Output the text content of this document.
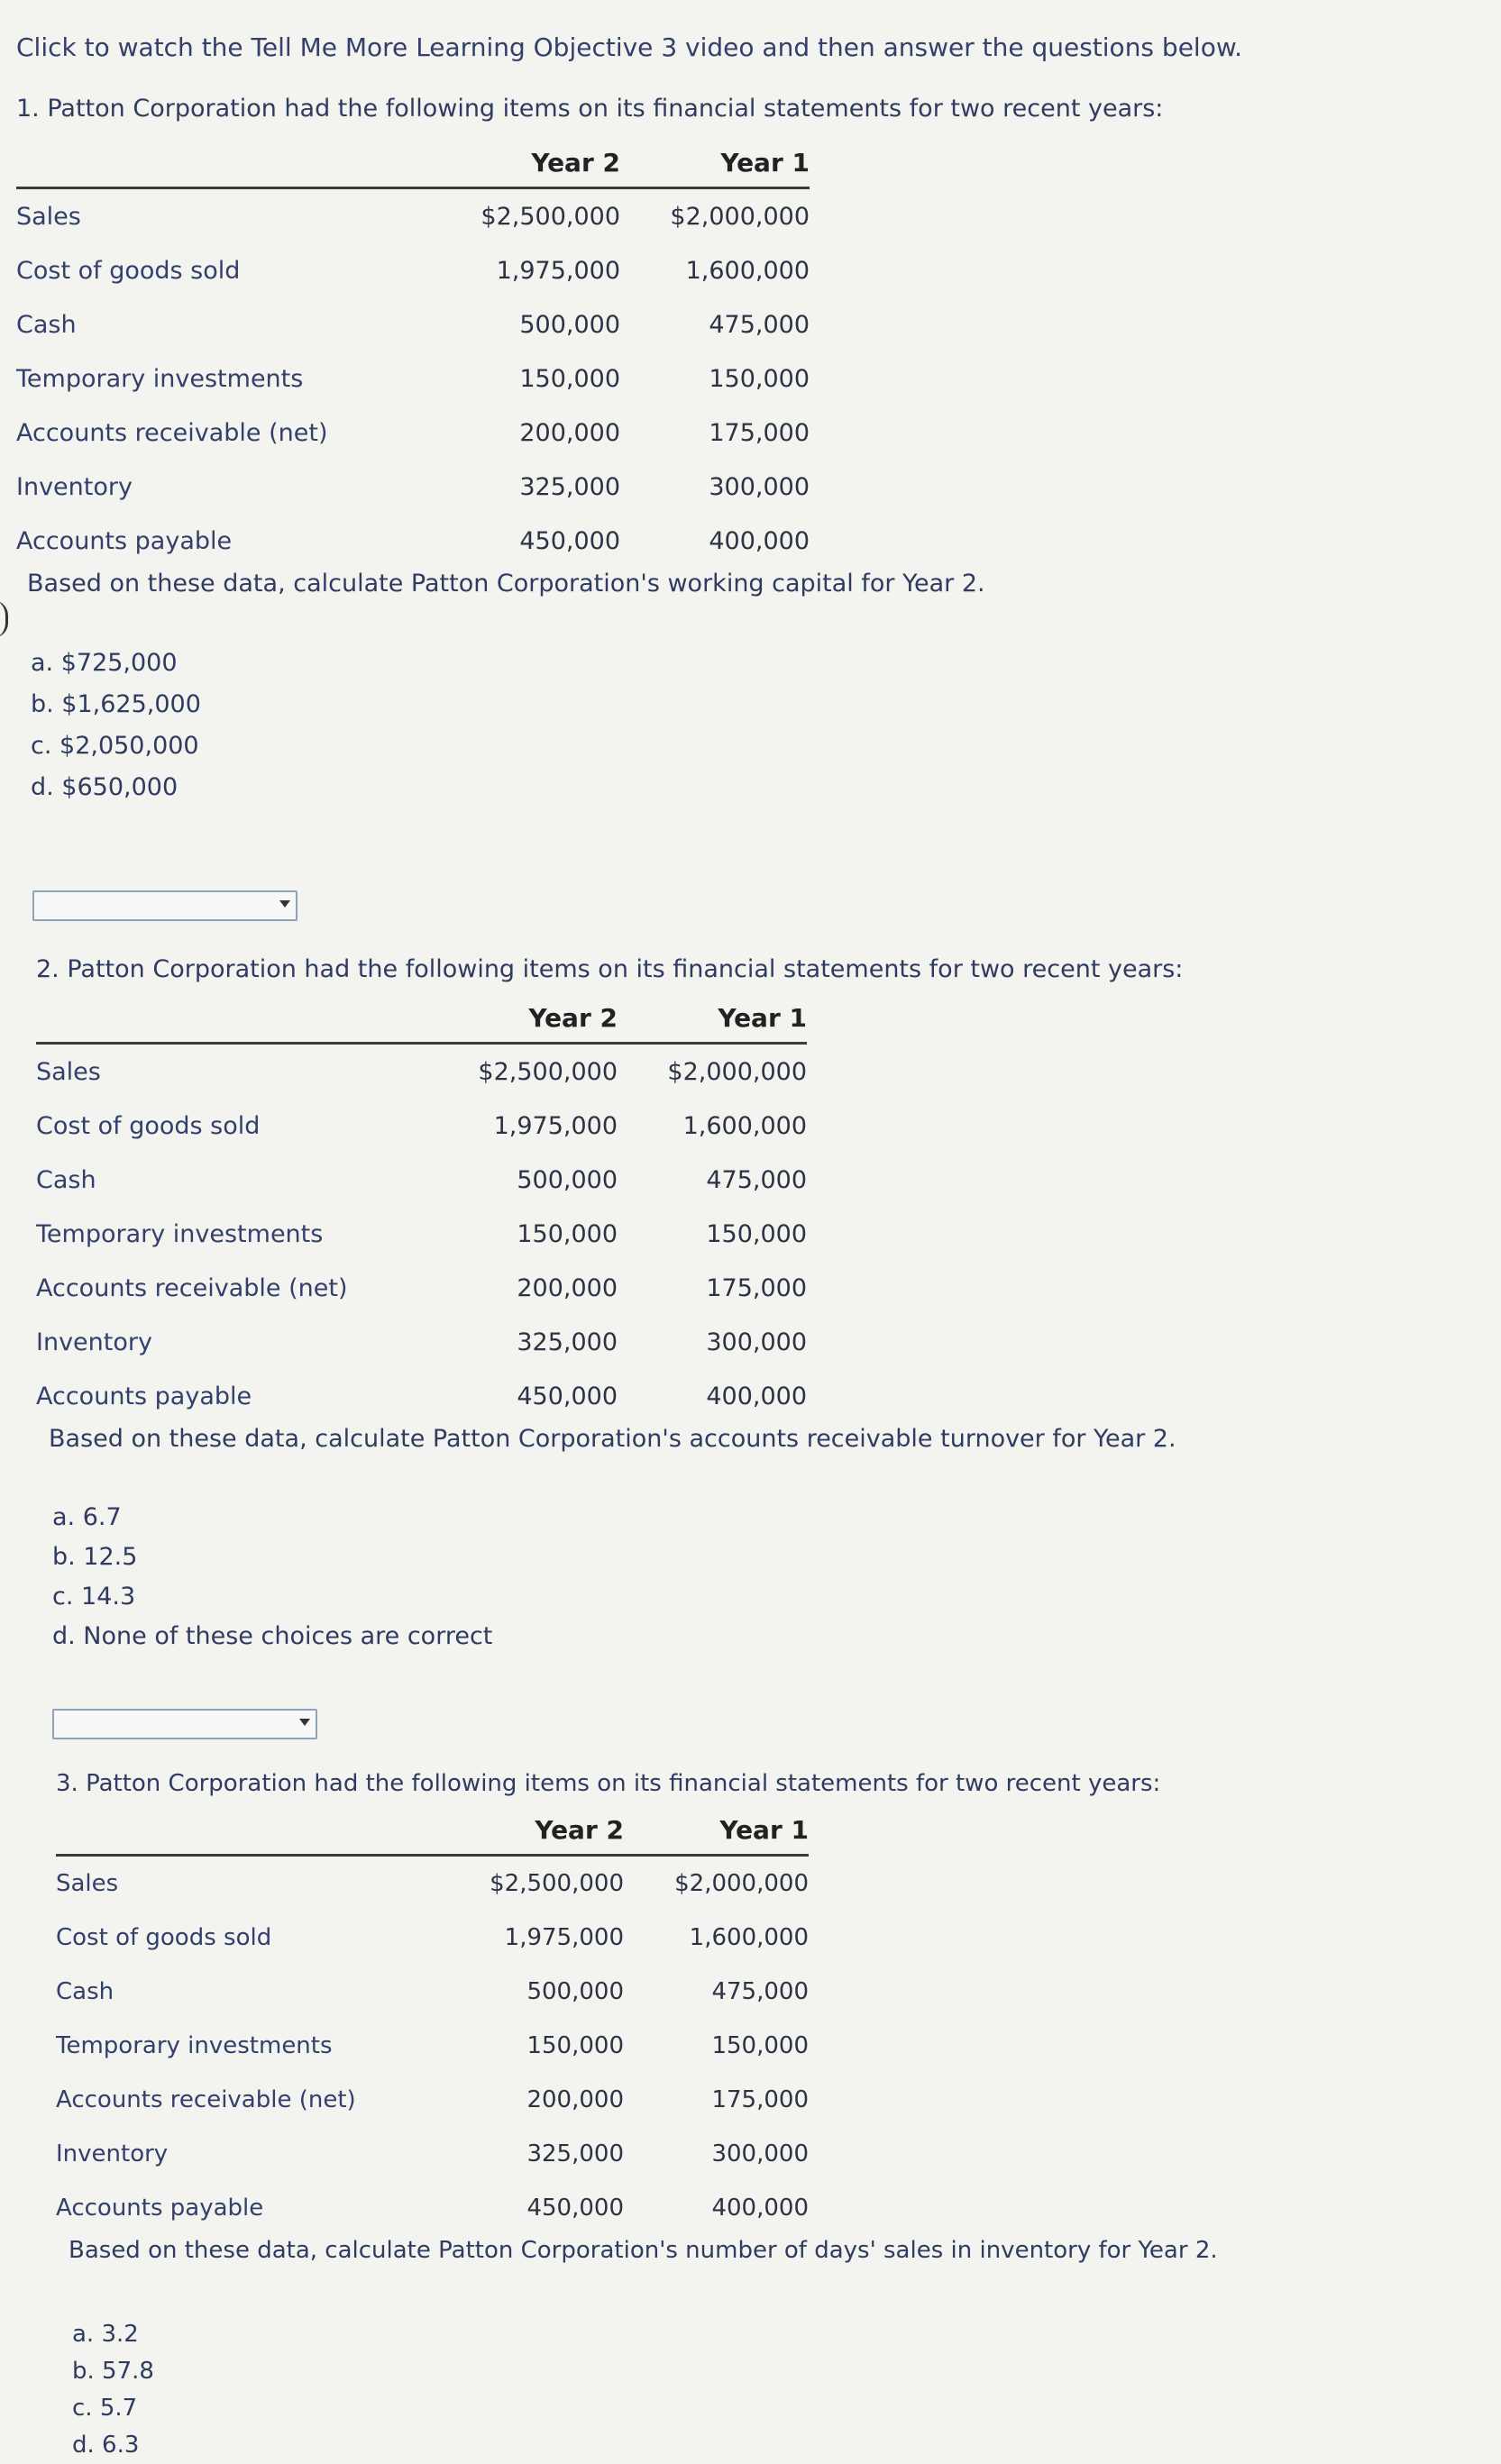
Click to watch the Tell Me More Learning Objective 3 video and then answer the questions below.
1. Patton Corporation had the following items on its financial statements for two recent years:
	Year 2	Year 1
Sales	$2,500,000	$2,000,000
Cost of goods sold	1,975,000	1,600,000
Cash	500,000	475,000
Temporary investments	150,000	150,000
Accounts receivable (net)	200,000	175,000
Inventory	325,000	300,000
Accounts payable	450,000	400,000
Based on these data, calculate Patton Corporation's working capital for Year 2.
a. $725,000
b. $1,625,000
c. $2,050,000
d. $650,000
2. Patton Corporation had the following items on its financial statements for two recent years:
	Year 2	Year 1
Sales	$2,500,000	$2,000,000
Cost of goods sold	1,975,000	1,600,000
Cash	500,000	475,000
Temporary investments	150,000	150,000
Accounts receivable (net)	200,000	175,000
Inventory	325,000	300,000
Accounts payable	450,000	400,000
Based on these data, calculate Patton Corporation's accounts receivable turnover for Year 2.
a. 6.7
b. 12.5
c. 14.3
d. None of these choices are correct
3. Patton Corporation had the following items on its financial statements for two recent years:
	Year 2	Year 1
Sales	$2,500,000	$2,000,000
Cost of goods sold	1,975,000	1,600,000
Cash	500,000	475,000
Temporary investments	150,000	150,000
Accounts receivable (net)	200,000	175,000
Inventory	325,000	300,000
Accounts payable	450,000	400,000
Based on these data, calculate Patton Corporation's number of days' sales in inventory for Year 2.
a. 3.2
b. 57.8
c. 5.7
d. 6.3
